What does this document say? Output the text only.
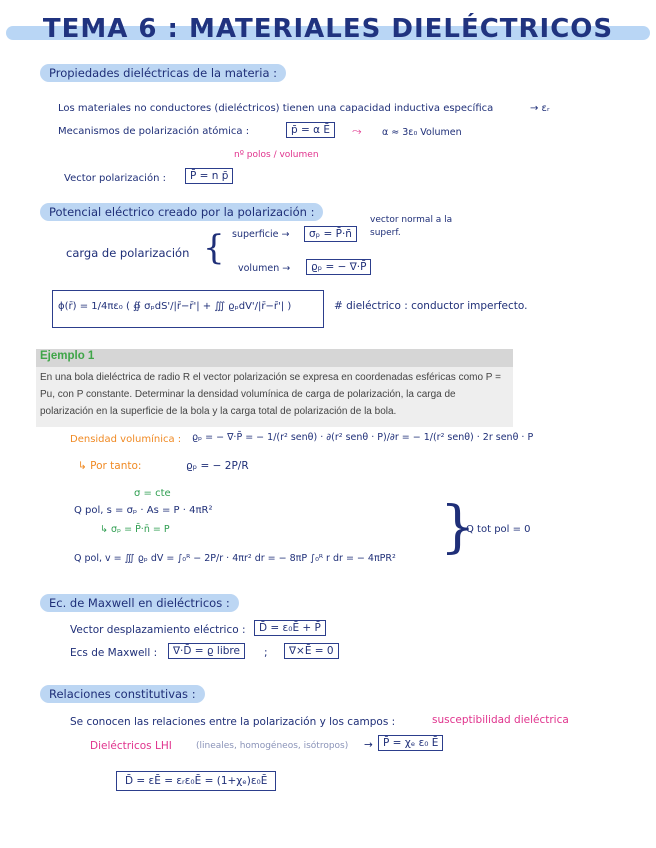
TEMA 6 : MATERIALES DIELÉCTRICOS
Propiedades dieléctricas de la materia :
Los materiales no conductores (dieléctricos) tienen una capacidad inductiva específica	→ εᵣ
Mecanismos de polarización atómica :	p̄ = α Ē	⤳ α ≈ 3ε₀ Volumen
nº polos / volumen
Vector polarización :	P̄ = n p̄
Potencial eléctrico creado por la polarización :
carga de polarización { superficie →	σₚ = P̄·n̄
vector normal a la superf.
volumen →	ϱₚ = − ∇·P̄
ϕ(r̄) = 1/4πε₀ ( ∯ σₚdS'/|r̄−r̄'| + ∭ ϱₚdV'/|r̄−r̄'| )	# dieléctrico : conductor imperfecto.
Ejemplo 1
En una bola dieléctrica de radio R el vector polarización se expresa en coordenadas esféricas como P = Pu, con P constante. Determinar la densidad volumínica de carga de polarización, la carga de polarización en la superficie de la bola y la carga total de polarización de la bola.
Densidad volumínica : ϱₚ = − ∇·P̄ = − 1/(r² senθ) · ∂(r² senθ · P)/∂r = − 1/(r² senθ) · 2r senθ · P
↳ Por tanto:	ϱₚ = − 2P/R
σ = cte
Q pol, s = σₚ · As = P · 4πR²
↳ σₚ = P̄·n̄ = P
Q pol, v = ∭ ϱₚ dV = ∫₀ᴿ − 2P/r · 4πr² dr = − 8πP ∫₀ᴿ r dr = − 4πPR² }
Q tot pol = 0
Ec. de Maxwell en dieléctricos :
Vector desplazamiento eléctrico :	D̄ = ε₀Ē + P̄
Ecs de Maxwell :	∇·D̄ = ϱ libre	;	∇×Ē = 0
Relaciones constitutivas :
Se conocen las relaciones entre la polarización y los campos :	susceptibilidad dieléctrica
Dieléctricos LHI	(lineales, homogéneos, isótropos) → P̄ = χₑ ε₀ Ē
D̄ = εĒ = εᵣε₀Ē = (1+χₑ)ε₀Ē
